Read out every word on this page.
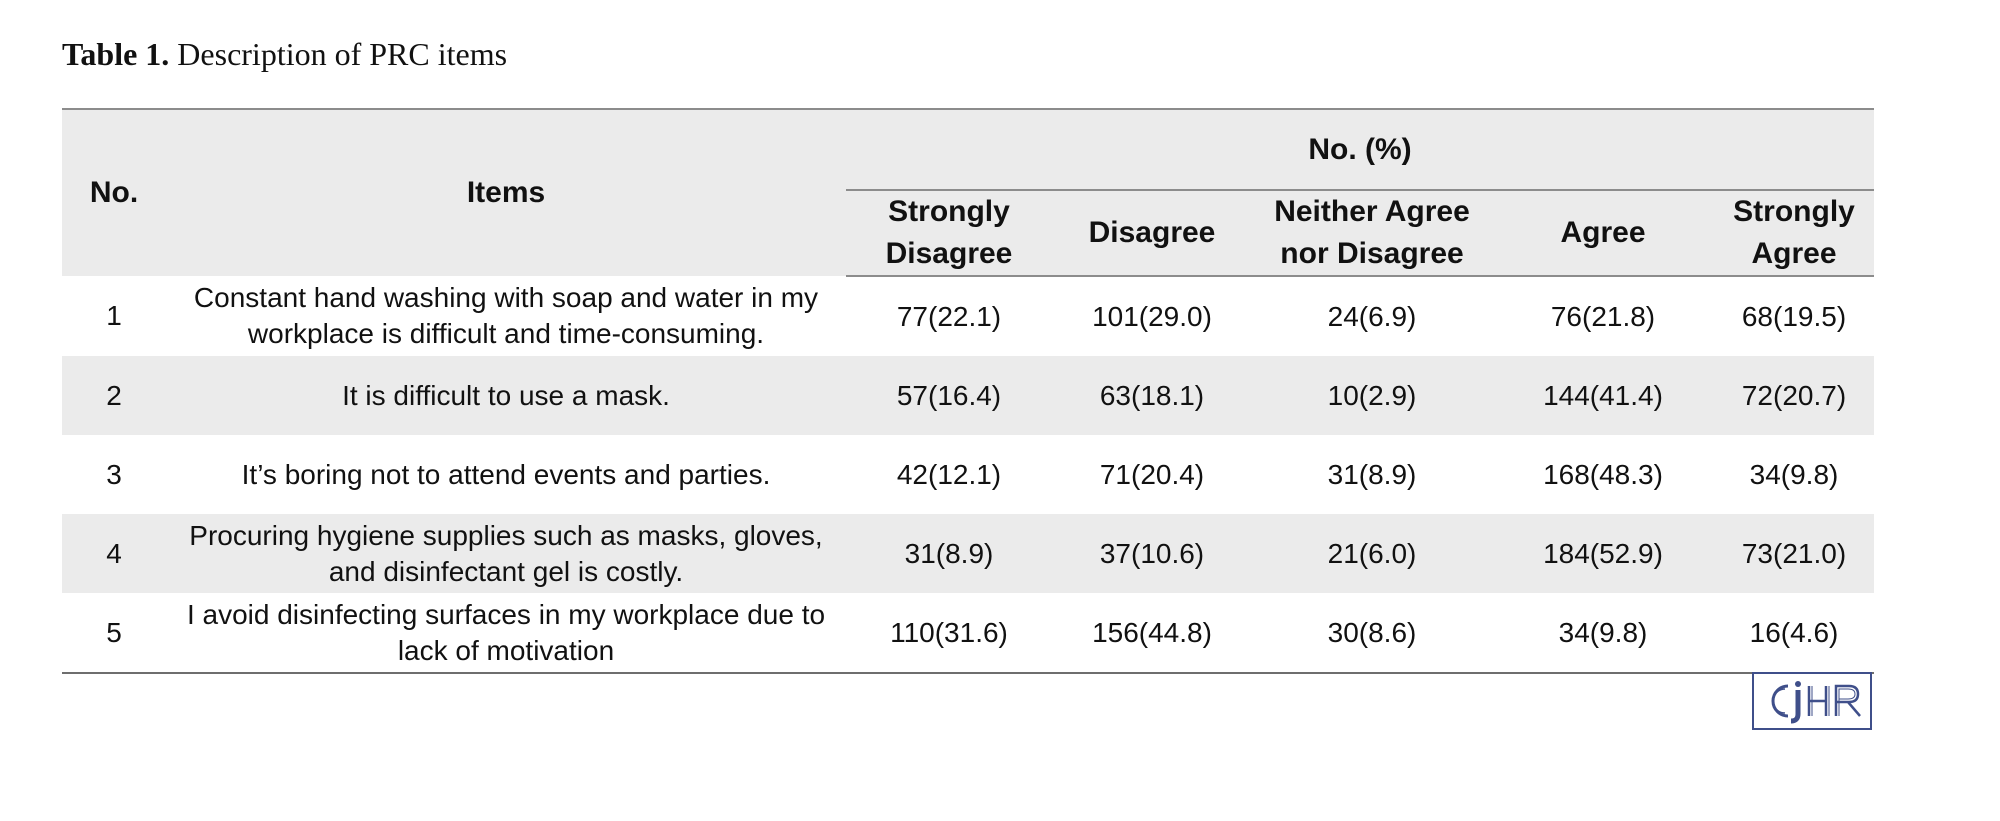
Table 1. Description of PRC items
No.	Items	No. (%)				
		Strongly Disagree	Disagree	Neither Agree nor Disagree	Agree	Strongly Agree
1	Constant hand washing with soap and water in my workplace is difficult and time-consuming.	77(22.1)	101(29.0)	24(6.9)	76(21.8)	68(19.5)
2	It is difficult to use a mask.	57(16.4)	63(18.1)	10(2.9)	144(41.4)	72(20.7)
3	It’s boring not to attend events and parties.	42(12.1)	71(20.4)	31(8.9)	168(48.3)	34(9.8)
4	Procuring hygiene supplies such as masks, gloves, and disinfectant gel is costly.	31(8.9)	37(10.6)	21(6.0)	184(52.9)	73(21.0)
5	I avoid disinfecting surfaces in my workplace due to lack of motivation	110(31.6)	156(44.8)	30(8.6)	34(9.8)	16(4.6)
